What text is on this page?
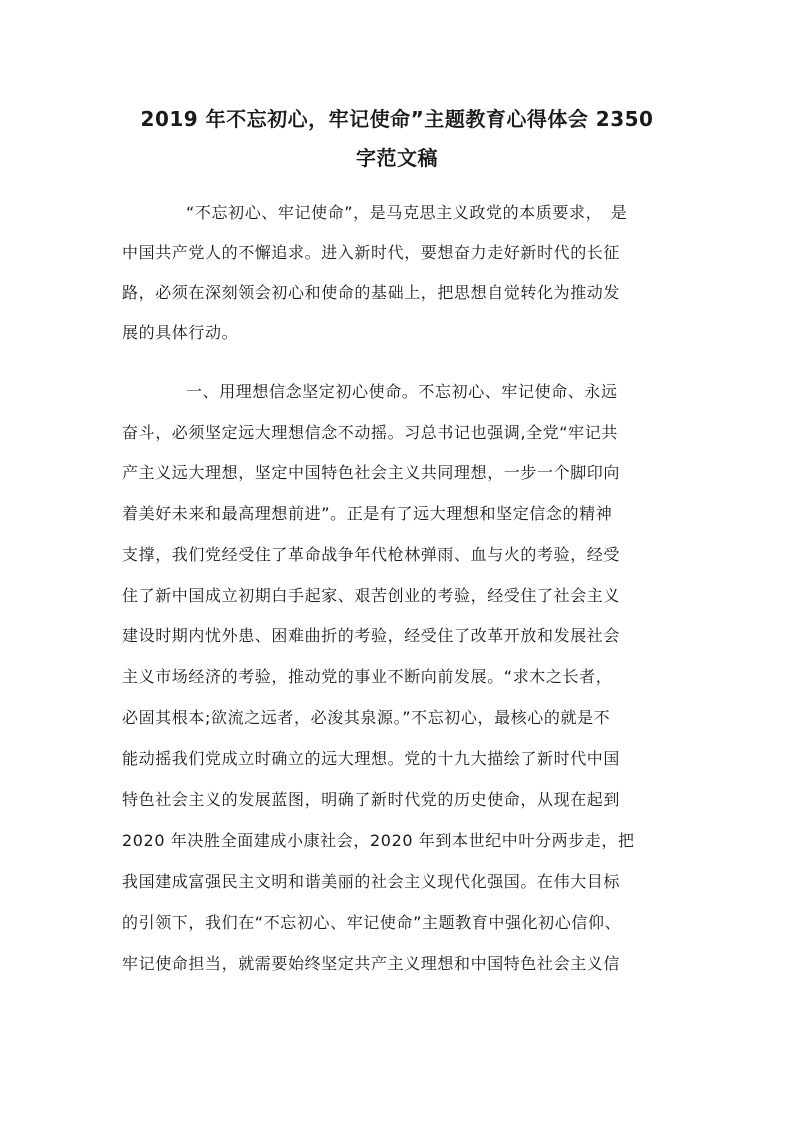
2019 年不忘初心，牢记使命”主题教育心得体会 2350
字范文稿
“不忘初心、牢记使命”，是马克思主义政党的本质要求，　是
中国共产党人的不懈追求。进入新时代，要想奋力走好新时代的长征
路，必须在深刻领会初心和使命的基础上，把思想自觉转化为推动发
展的具体行动。
一、用理想信念坚定初心使命。不忘初心、牢记使命、永远
奋斗，必须坚定远大理想信念不动摇。习总书记也强调,全党“牢记共
产主义远大理想，坚定中国特色社会主义共同理想，一步一个脚印向
着美好未来和最高理想前进”。正是有了远大理想和坚定信念的精神
支撑，我们党经受住了革命战争年代枪林弹雨、血与火的考验，经受
住了新中国成立初期白手起家、艰苦创业的考验，经受住了社会主义
建设时期内忧外患、困难曲折的考验，经受住了改革开放和发展社会
主义市场经济的考验，推动党的事业不断向前发展。“求木之长者，
必固其根本;欲流之远者，必浚其泉源。”不忘初心，最核心的就是不
能动摇我们党成立时确立的远大理想。党的十九大描绘了新时代中国
特色社会主义的发展蓝图，明确了新时代党的历史使命，从现在起到
2020 年决胜全面建成小康社会，2020 年到本世纪中叶分两步走，把
我国建成富强民主文明和谐美丽的社会主义现代化强国。在伟大目标
的引领下，我们在“不忘初心、牢记使命”主题教育中强化初心信仰、
牢记使命担当，就需要始终坚定共产主义理想和中国特色社会主义信
